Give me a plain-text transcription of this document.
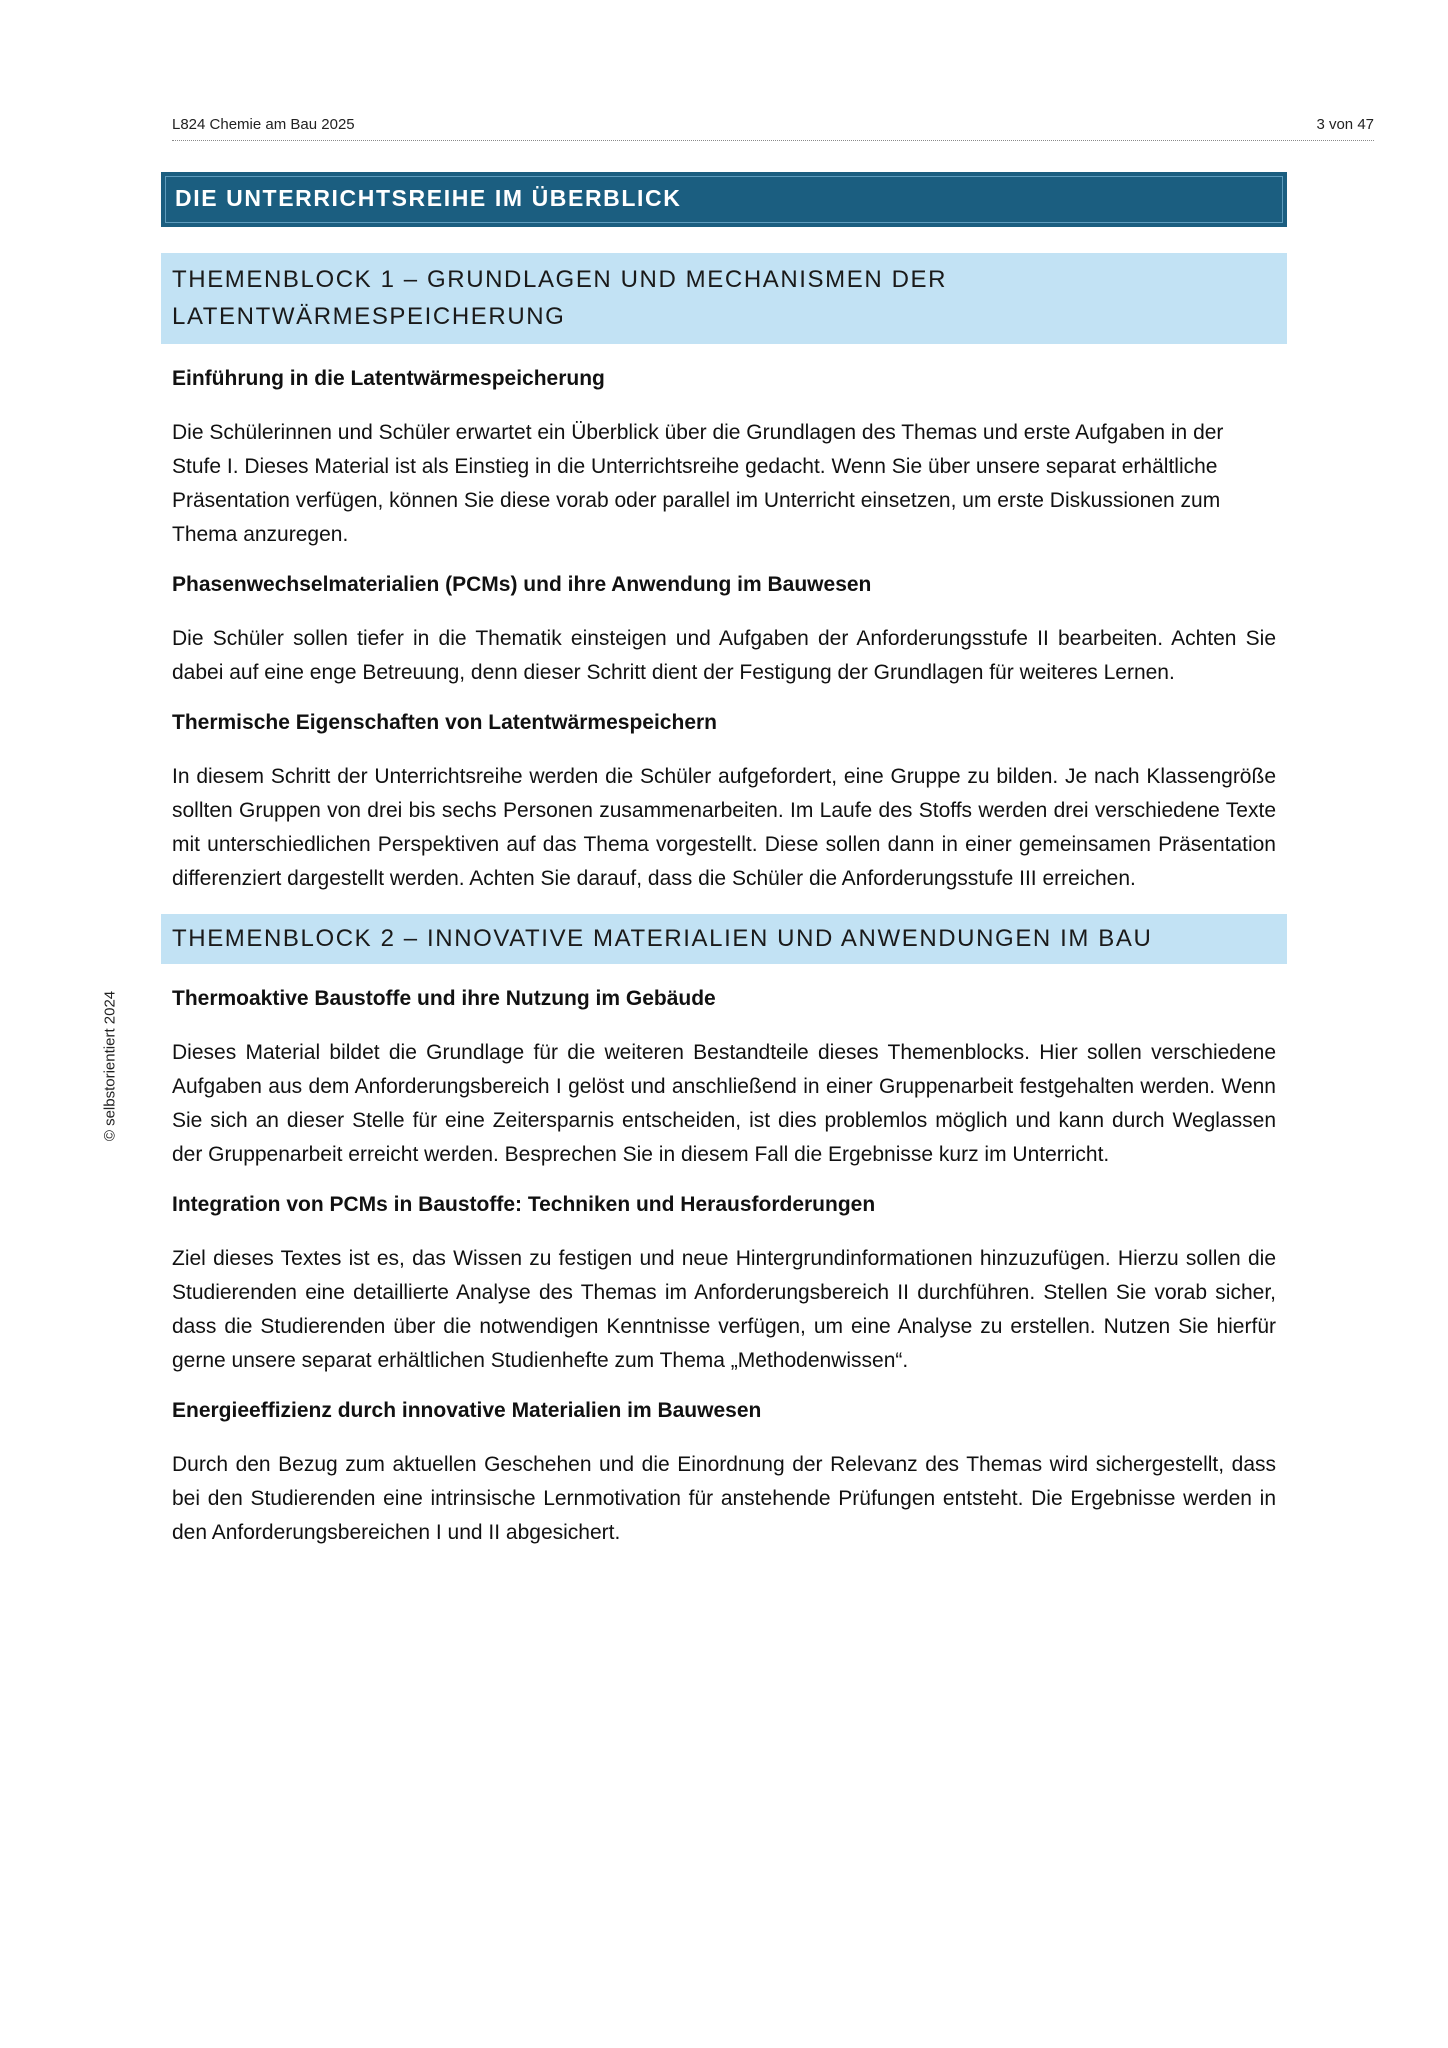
L824 Chemie am Bau 2025	3 von 47
© selbstorientiert 2024
DIE UNTERRICHTSREIHE IM ÜBERBLICK
THEMENBLOCK 1 – GRUNDLAGEN UND MECHANISMEN DER LATENTWÄRMESPEICHERUNG
Einführung in die Latentwärmespeicherung
Die Schülerinnen und Schüler erwartet ein Überblick über die Grundlagen des Themas und erste Aufgaben in der Stufe I. Dieses Material ist als Einstieg in die Unterrichtsreihe gedacht. Wenn Sie über unsere separat erhältliche Präsentation verfügen, können Sie diese vorab oder parallel im Unterricht einsetzen, um erste Diskussionen zum Thema anzuregen.
Phasenwechselmaterialien (PCMs) und ihre Anwendung im Bauwesen
Die Schüler sollen tiefer in die Thematik einsteigen und Aufgaben der Anforderungsstufe II bearbeiten. Achten Sie dabei auf eine enge Betreuung, denn dieser Schritt dient der Festigung der Grundlagen für weiteres Lernen.
Thermische Eigenschaften von Latentwärmespeichern
In diesem Schritt der Unterrichtsreihe werden die Schüler aufgefordert, eine Gruppe zu bilden. Je nach Klassengröße sollten Gruppen von drei bis sechs Personen zusammenarbeiten. Im Laufe des Stoffs werden drei verschiedene Texte mit unterschiedlichen Perspektiven auf das Thema vorgestellt. Diese sollen dann in einer gemeinsamen Präsentation differenziert dargestellt werden. Achten Sie darauf, dass die Schüler die Anforderungsstufe III erreichen.
THEMENBLOCK 2 – INNOVATIVE MATERIALIEN UND ANWENDUNGEN IM BAU
Thermoaktive Baustoffe und ihre Nutzung im Gebäude
Dieses Material bildet die Grundlage für die weiteren Bestandteile dieses Themenblocks. Hier sollen verschiedene Aufgaben aus dem Anforderungsbereich I gelöst und anschließend in einer Gruppenarbeit festgehalten werden. Wenn Sie sich an dieser Stelle für eine Zeitersparnis entscheiden, ist dies problemlos möglich und kann durch Weglassen der Gruppenarbeit erreicht werden. Besprechen Sie in diesem Fall die Ergebnisse kurz im Unterricht.
Integration von PCMs in Baustoffe: Techniken und Herausforderungen
Ziel dieses Textes ist es, das Wissen zu festigen und neue Hintergrundinformationen hinzuzufügen. Hierzu sollen die Studierenden eine detaillierte Analyse des Themas im Anforderungsbereich II durchführen. Stellen Sie vorab sicher, dass die Studierenden über die notwendigen Kenntnisse verfügen, um eine Analyse zu erstellen. Nutzen Sie hierfür gerne unsere separat erhältlichen Studienhefte zum Thema „Methodenwissen“.
Energieeffizienz durch innovative Materialien im Bauwesen
Durch den Bezug zum aktuellen Geschehen und die Einordnung der Relevanz des Themas wird sichergestellt, dass bei den Studierenden eine intrinsische Lernmotivation für anstehende Prüfungen entsteht. Die Ergebnisse werden in den Anforderungsbereichen I und II abgesichert.
